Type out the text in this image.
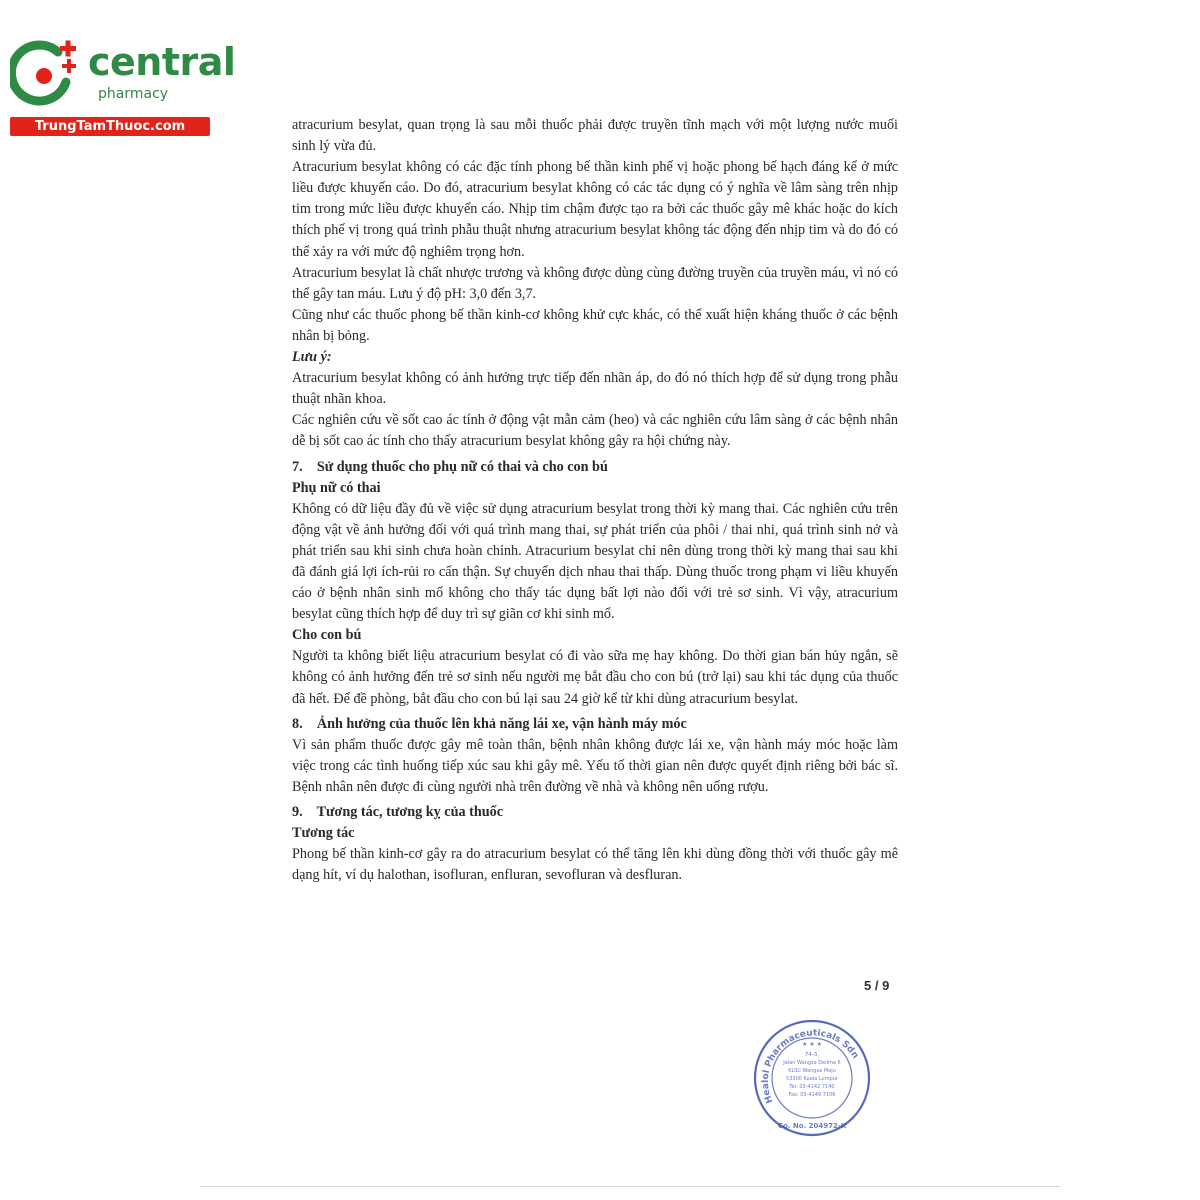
central
pharmacy
TrungTamThuoc.com	atracurium besylat, quan trọng là sau mỗi thuốc phải được truyền tĩnh mạch với một lượng nước muối sinh lý vừa đủ.

Atracurium besylat không có các đặc tính phong bế thần kinh phế vị hoặc phong bế hạch đáng kể ở mức liều được khuyến cáo. Do đó, atracurium besylat không có các tác dụng có ý nghĩa về lâm sàng trên nhịp tim trong mức liều được khuyến cáo. Nhịp tim chậm được tạo ra bởi các thuốc gây mê khác hoặc do kích thích phế vị trong quá trình phẫu thuật nhưng atracurium besylat không tác động đến nhịp tim và do đó có thể xảy ra với mức độ nghiêm trọng hơn.

Atracurium besylat là chất nhược trương và không được dùng cùng đường truyền của truyền máu, vì nó có thể gây tan máu. Lưu ý độ pH: 3,0 đến 3,7.

Cũng như các thuốc phong bế thần kinh-cơ không khử cực khác, có thể xuất hiện kháng thuốc ở các bệnh nhân bị bỏng.

Lưu ý:

Atracurium besylat không có ảnh hưởng trực tiếp đến nhãn áp, do đó nó thích hợp để sử dụng trong phẫu thuật nhãn khoa.

Các nghiên cứu về sốt cao ác tính ở động vật mẫn cảm (heo) và các nghiên cứu lâm sàng ở các bệnh nhân dễ bị sốt cao ác tính cho thấy atracurium besylat không gây ra hội chứng này.

7.    Sử dụng thuốc cho phụ nữ có thai và cho con bú

Phụ nữ có thai

Không có dữ liệu đầy đủ về việc sử dụng atracurium besylat trong thời kỳ mang thai. Các nghiên cứu trên động vật về ảnh hưởng đối với quá trình mang thai, sự phát triển của phôi / thai nhi, quá trình sinh nở và phát triển sau khi sinh chưa hoàn chỉnh. Atracurium besylat chỉ nên dùng trong thời kỳ mang thai sau khi đã đánh giá lợi ích-rủi ro cẩn thận. Sự chuyển dịch nhau thai thấp. Dùng thuốc trong phạm vi liều khuyến cáo ở bệnh nhân sinh mổ không cho thấy tác dụng bất lợi nào đối với trẻ sơ sinh. Vì vậy, atracurium besylat cũng thích hợp để duy trì sự giãn cơ khi sinh mổ.

Cho con bú

Người ta không biết liệu atracurium besylat có đi vào sữa mẹ hay không. Do thời gian bán hủy ngắn, sẽ không có ảnh hưởng đến trẻ sơ sinh nếu người mẹ bắt đầu cho con bú (trở lại) sau khi tác dụng của thuốc đã hết. Để đề phòng, bắt đầu cho con bú lại sau 24 giờ kể từ khi dùng atracurium besylat.

8.    Ảnh hưởng của thuốc lên khả năng lái xe, vận hành máy móc

Vì sản phẩm thuốc được gây mê toàn thân, bệnh nhân không được lái xe, vận hành máy móc hoặc làm việc trong các tình huống tiếp xúc sau khi gây mê. Yếu tố thời gian nên được quyết định riêng bởi bác sĩ. Bệnh nhân nên được đi cùng người nhà trên đường về nhà và không nên uống rượu.

9.    Tương tác, tương kỵ của thuốc

Tương tác

Phong bế thần kinh-cơ gây ra do atracurium besylat có thể tăng lên khi dùng đồng thời với thuốc gây mê dạng hít, ví dụ halothan, isofluran, enfluran, sevofluran và desfluran.

5 / 9
Healol Pharmaceuticals Sdn.	74-3,
Jalan Wangsa Delima 6
KLSC Wangsa Maju
53300 Kuala Lumpur
Tel: 03-4142 7140
Fax: 03-4149 7106
Co. No. 204972-K
★ ★ ★
